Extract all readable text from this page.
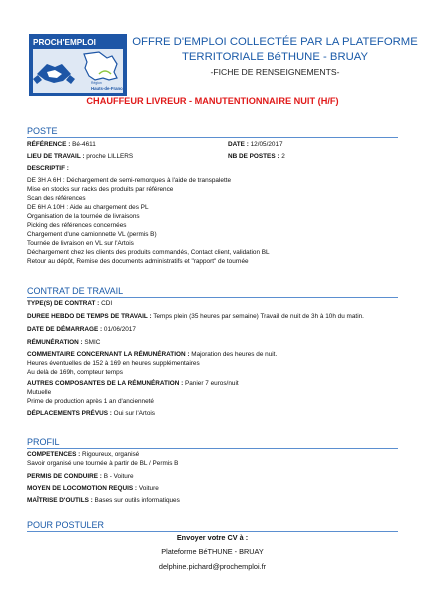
PROCH'EMPLOI
Région
Hauts-de-France
OFFRE D'EMPLOI COLLECTÉE PAR LA PLATEFORME
TERRITORIALE BéTHUNE - BRUAY
-FICHE DE RENSEIGNEMENTS-
CHAUFFEUR LIVREUR - MANUTENTIONNAIRE NUIT (H/F)
POSTE
RÉFÉRENCE : Bé-4611	DATE : 12/05/2017
LIEU DE TRAVAIL : proche LILLERS	NB DE POSTES : 2
DESCRIPTIF :
DE 3H A 6H : Déchargement de semi-remorques à l'aide de transpalette
Mise en stocks sur racks des produits par référence
Scan des références
DE 6H A 10H : Aide au chargement des PL
Organisation de la tournée de livraisons
Picking des références concernées
Chargement d'une camionnette VL (permis B)
Tournée de livraison en VL sur l'Artois
Déchargement chez les clients des produits commandés, Contact client, validation BL
Retour au dépôt, Remise des documents administratifs et "rapport" de tournée
CONTRAT DE TRAVAIL
TYPE(S) DE CONTRAT : CDI
DUREE HEBDO DE TEMPS DE TRAVAIL : Temps plein (35 heures par semaine) Travail de nuit de 3h à 10h du matin.
DATE DE DÉMARRAGE : 01/06/2017
RÉMUNÉRATION : SMIC
COMMENTAIRE CONCERNANT LA RÉMUNÉRATION : Majoration des heures de nuit.
Heures éventuelles de 152 à 169 en heures supplémentaires
Au delà de 169h, compteur temps
AUTRES COMPOSANTES DE LA RÉMUNÉRATION : Panier 7 euros/nuit
Mutuelle
Prime de production après 1 an d'ancienneté
DÉPLACEMENTS PRÉVUS : Oui sur l'Artois
PROFIL
COMPETENCES : Rigoureux, organisé
Savoir organisé une tournée à partir de BL / Permis B
PERMIS DE CONDUIRE : B - Voiture
MOYEN DE LOCOMOTION REQUIS : Voiture
MAÎTRISE D'OUTILS : Bases sur outils informatiques
POUR POSTULER
Envoyer votre CV à :
Plateforme BéTHUNE - BRUAY
delphine.pichard@prochemploi.fr
